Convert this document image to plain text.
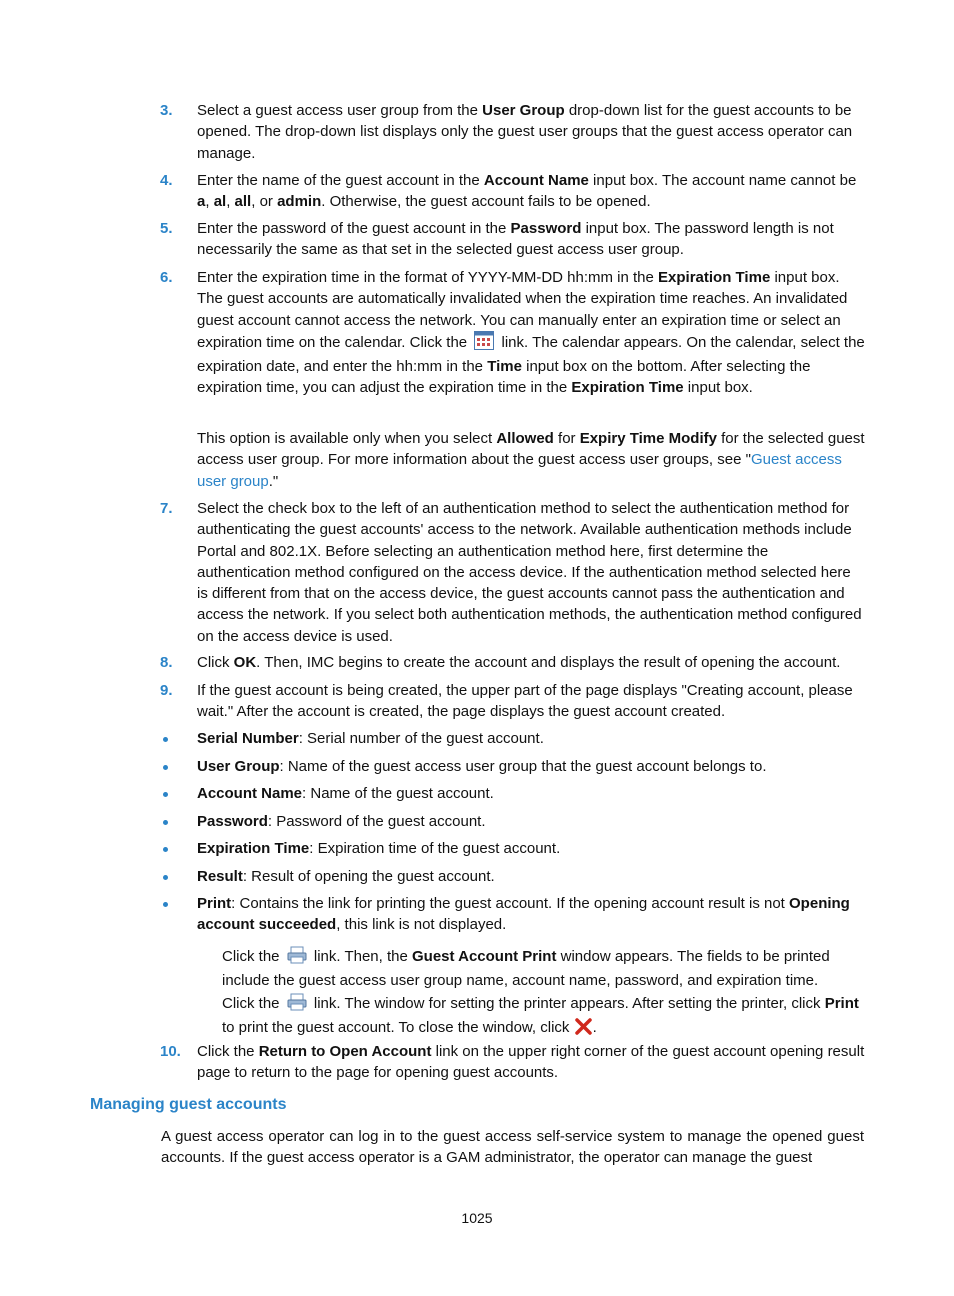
3. Select a guest access user group from the User Group drop-down list for the guest accounts to be opened. The drop-down list displays only the guest user groups that the guest access operator can manage.
4. Enter the name of the guest account in the Account Name input box. The account name cannot be a, al, all, or admin. Otherwise, the guest account fails to be opened.
5. Enter the password of the guest account in the Password input box. The password length is not necessarily the same as that set in the selected guest access user group.
6. Enter the expiration time in the format of YYYY-MM-DD hh:mm in the Expiration Time input box. The guest accounts are automatically invalidated when the expiration time reaches. An invalidated guest account cannot access the network. You can manually enter an expiration time or select an expiration time on the calendar. Click the  link. The calendar appears. On the calendar, select the expiration date, and enter the hh:mm in the Time input box on the bottom. After selecting the expiration time, you can adjust the expiration time in the Expiration Time input box.
This option is available only when you select Allowed for Expiry Time Modify for the selected guest access user group. For more information about the guest access user groups, see "Guest access user group."
7. Select the check box to the left of an authentication method to select the authentication method for authenticating the guest accounts' access to the network. Available authentication methods include Portal and 802.1X. Before selecting an authentication method here, first determine the authentication method configured on the access device. If the authentication method selected here is different from that on the access device, the guest accounts cannot pass the authentication and access the network. If you select both authentication methods, the authentication method configured on the access device is used.
8. Click OK. Then, IMC begins to create the account and displays the result of opening the account.
9. If the guest account is being created, the upper part of the page displays "Creating account, please wait." After the account is created, the page displays the guest account created.
Serial Number: Serial number of the guest account.
User Group: Name of the guest access user group that the guest account belongs to.
Account Name: Name of the guest account.
Password: Password of the guest account.
Expiration Time: Expiration time of the guest account.
Result: Result of opening the guest account.
Print: Contains the link for printing the guest account. If the opening account result is not Opening account succeeded, this link is not displayed.
Click the  link. Then, the Guest Account Print window appears. The fields to be printed include the guest access user group name, account name, password, and expiration time.
Click the  link. The window for setting the printer appears. After setting the printer, click Print to print the guest account. To close the window, click .
10. Click the Return to Open Account link on the upper right corner of the guest account opening result page to return to the page for opening guest accounts.
Managing guest accounts
A guest access operator can log in to the guest access self-service system to manage the opened guest accounts. If the guest access operator is a GAM administrator, the operator can manage the guest
1025
